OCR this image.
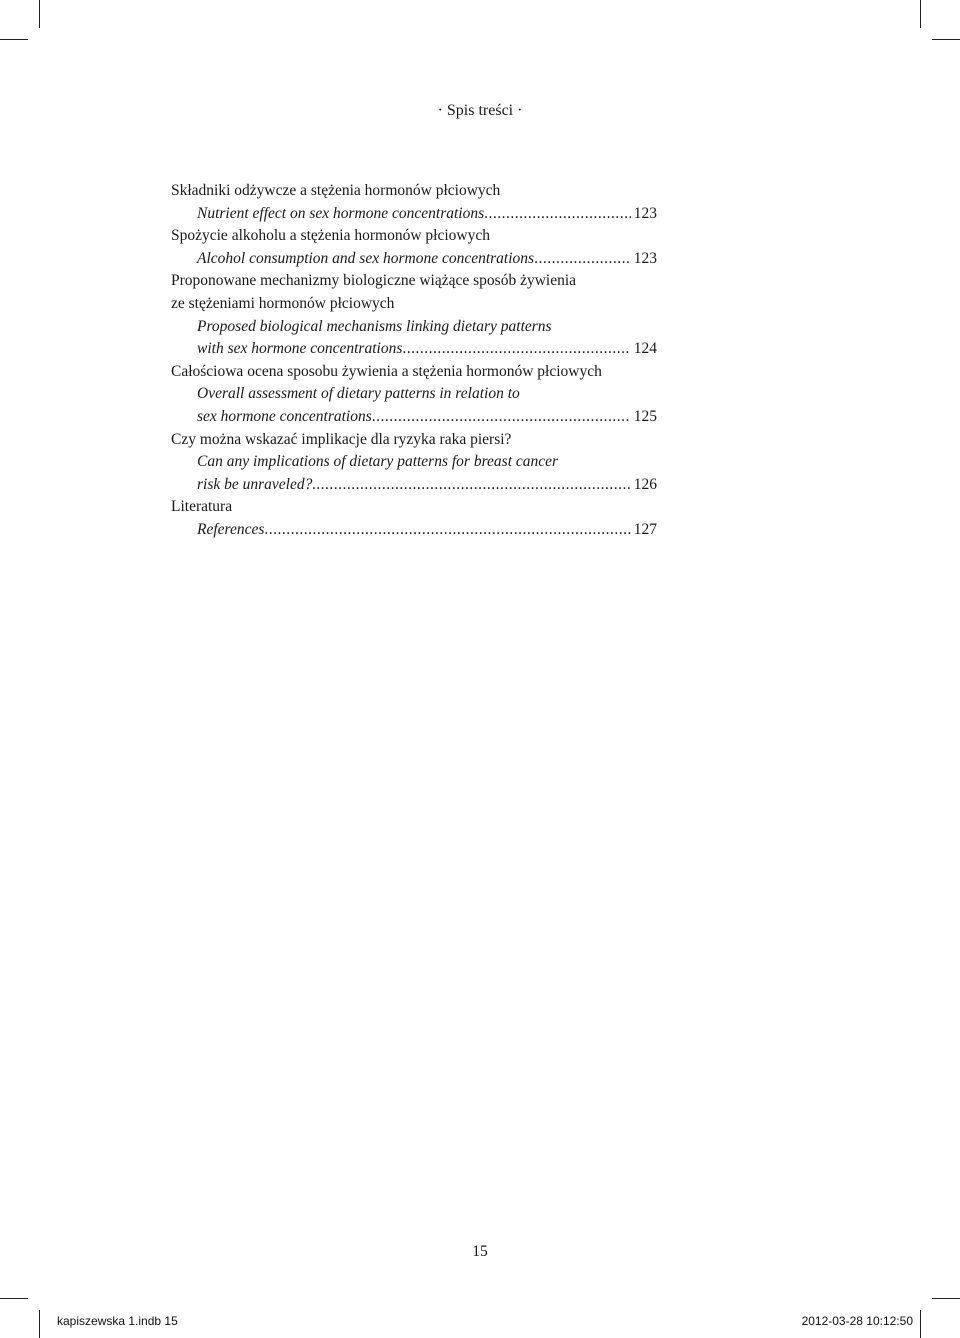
· Spis treści ·
Składniki odżywcze a stężenia hormonów płciowych
Nutrient effect on sex hormone concentrations .....	123
Spożycie alkoholu a stężenia hormonów płciowych
Alcohol consumption and sex hormone concentrations .....	123
Proponowane mechanizmy biologiczne wiążące sposób żywienia
ze stężeniami hormonów płciowych
Proposed biological mechanisms linking dietary patterns
with sex hormone concentrations .....	124
Całościowa ocena sposobu żywienia a stężenia hormonów płciowych
Overall assessment of dietary patterns in relation to
sex hormone concentrations .....	125
Czy można wskazać implikacje dla ryzyka raka piersi?
Can any implications of dietary patterns for breast cancer
risk be unraveled?. .....	126
Literatura
References .....	127
15
kapiszewska 1.indb 15	2012-03-28 10:12:50
